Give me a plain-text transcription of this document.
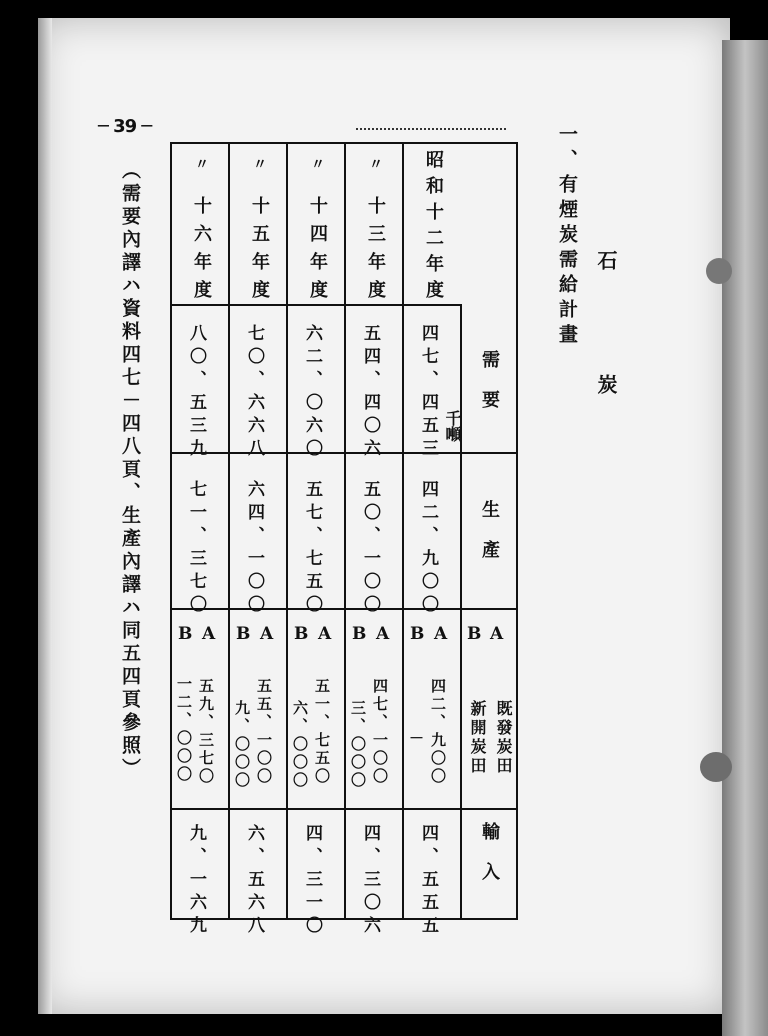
─ 39 ─
石炭
一、有煙炭需給計畫
（需要內譯ハ資料四七－四八頁、生產內譯ハ同五四頁參照）	需要
生產
B A
既發炭田
新開炭田
輸入
千噸
昭和十二年度
四七、四五三
四二、九〇〇
B A
四二、九〇〇
－
四、五五五
〃
十三年度
五四、四〇六
五〇、一〇〇
B A
四七、一〇〇
三、〇〇〇
四、三〇六
〃
十四年度
六二、〇六〇
五七、七五〇
B A
五一、七五〇
六、〇〇〇
四、三一〇
〃
十五年度
七〇、六六八
六四、一〇〇
B A
五五、一〇〇
九、〇〇〇
六、五六八
〃
十六年度
八〇、五三九
七一、三七〇
B A
五九、三七〇
一二、〇〇〇
九、一六九
